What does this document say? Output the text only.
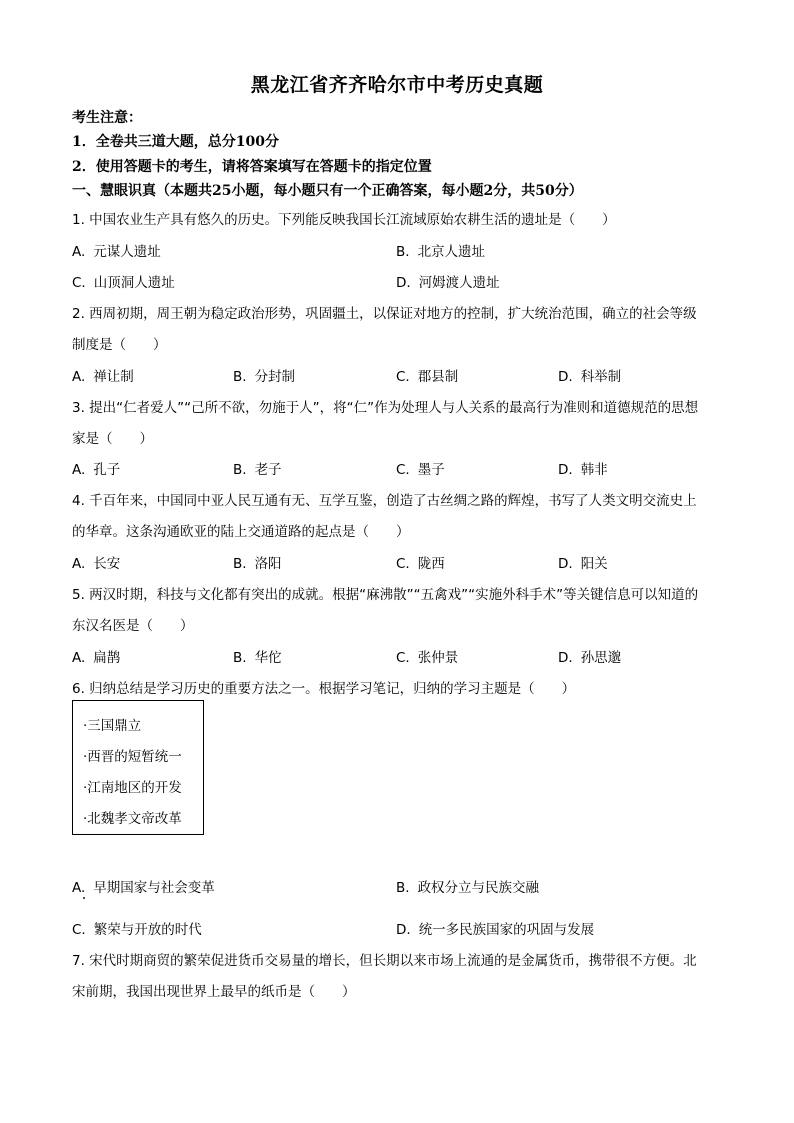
黑龙江省齐齐哈尔市中考历史真题
考生注意：
1．全卷共三道大题，总分100分
2．使用答题卡的考生，请将答案填写在答题卡的指定位置
一、慧眼识真（本题共25小题，每小题只有一个正确答案，每小题2分，共50分）
1. 中国农业生产具有悠久的历史。下列能反映我国长江流域原始农耕生活的遗址是（　　）
A. 元谋人遗址	B. 北京人遗址
C. 山顶洞人遗址	D. 河姆渡人遗址
2. 西周初期，周王朝为稳定政治形势，巩固疆土，以保证对地方的控制，扩大统治范围，确立的社会等级
制度是（　　）
A. 禅让制	B. 分封制	C. 郡县制	D. 科举制
3. 提出“仁者爱人”“己所不欲，勿施于人”，将“仁”作为处理人与人关系的最高行为准则和道德规范的思想
家是（　　）
A. 孔子	B. 老子	C. 墨子	D. 韩非
4. 千百年来，中国同中亚人民互通有无、互学互鉴，创造了古丝绸之路的辉煌，书写了人类文明交流史上
的华章。这条沟通欧亚的陆上交通道路的起点是（　　）
A. 长安	B. 洛阳	C. 陇西	D. 阳关
5. 两汉时期，科技与文化都有突出的成就。根据“麻沸散”“五禽戏”“实施外科手术”等关键信息可以知道的
东汉名医是（　　）
A. 扁鹊	B. 华佗	C. 张仲景	D. 孙思邈
6. 归纳总结是学习历史的重要方法之一。根据学习笔记，归纳的学习主题是（　　）
·三国鼎立
·西晋的短暂统一
·江南地区的开发
·北魏孝文帝改革
A. 早期国家与社会变革	B. 政权分立与民族交融
C. 繁荣与开放的时代	D. 统一多民族国家的巩固与发展
7. 宋代时期商贸的繁荣促进货币交易量的增长，但长期以来市场上流通的是金属货币，携带很不方便。北
宋前期，我国出现世界上最早的纸币是（　　）
